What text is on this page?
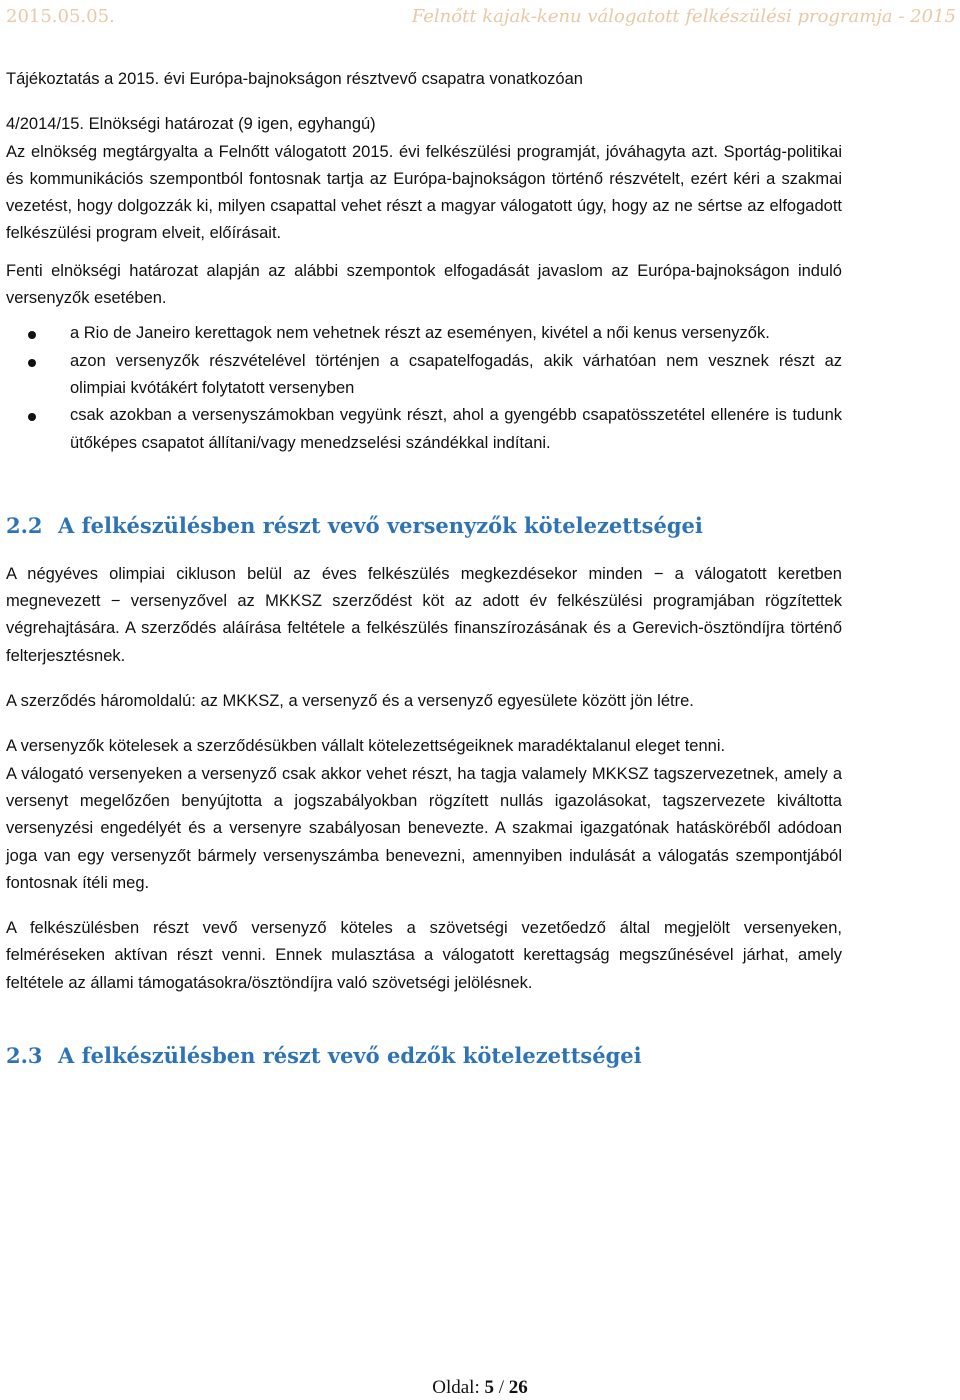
2015.05.05.	Felnőtt kajak-kenu válogatott felkészülési programja - 2015

Tájékoztatás a 2015. évi Európa-bajnokságon résztvevő csapatra vonatkozóan

4/2014/15. Elnökségi határozat (9 igen, egyhangú)

Az elnökség megtárgyalta a Felnőtt válogatott 2015. évi felkészülési programját, jóváhagyta azt. Sportág-politikai és kommunikációs szempontból fontosnak tartja az Európa-bajnokságon történő részvételt, ezért kéri a szakmai vezetést, hogy dolgozzák ki, milyen csapattal vehet részt a magyar válogatott úgy, hogy az ne sértse az elfogadott felkészülési program elveit, előírásait.

Fenti elnökségi határozat alapján az alábbi szempontok elfogadását javaslom az Európa-bajnokságon induló versenyzők esetében.

a Rio de Janeiro kerettagok nem vehetnek részt az eseményen, kivétel a női kenus versenyzők.
azon versenyzők részvételével történjen a csapatelfogadás, akik várhatóan nem vesznek részt az olimpiai kvótákért folytatott versenyben
csak azokban a versenyszámokban vegyünk részt, ahol a gyengébb csapatösszetétel ellenére is tudunk ütőképes csapatot állítani/vagy menedzselési szándékkal indítani.
2.2 A felkészülésben részt vevő versenyzők kötelezettségei

A négyéves olimpiai cikluson belül az éves felkészülés megkezdésekor minden − a válogatott keretben megnevezett − versenyzővel az MKKSZ szerződést köt az adott év felkészülési programjában rögzítettek végrehajtására. A szerződés aláírása feltétele a felkészülés finanszírozásának és a Gerevich-ösztöndíjra történő felterjesztésnek.

A szerződés háromoldalú: az MKKSZ, a versenyző és a versenyző egyesülete között jön létre.

A versenyzők kötelesek a szerződésükben vállalt kötelezettségeiknek maradéktalanul eleget tenni.

A válogató versenyeken a versenyző csak akkor vehet részt, ha tagja valamely MKKSZ tagszervezetnek, amely a versenyt megelőzően benyújtotta a jogszabályokban rögzített nullás igazolásokat, tagszervezete kiváltotta versenyzési engedélyét és a versenyre szabályosan benevezte. A szakmai igazgatónak hatásköréből adódoan joga van egy versenyzőt bármely versenyszámba benevezni, amennyiben indulását a válogatás szempontjából fontosnak ítéli meg.

A felkészülésben részt vevő versenyző köteles a szövetségi vezetőedző által megjelölt versenyeken, felméréseken aktívan részt venni. Ennek mulasztása a válogatott kerettagság megszűnésével járhat, amely feltétele az állami támogatásokra/ösztöndíjra való szövetségi jelölésnek.

2.3 A felkészülésben részt vevő edzők kötelezettségei
Oldal: 5 / 26
